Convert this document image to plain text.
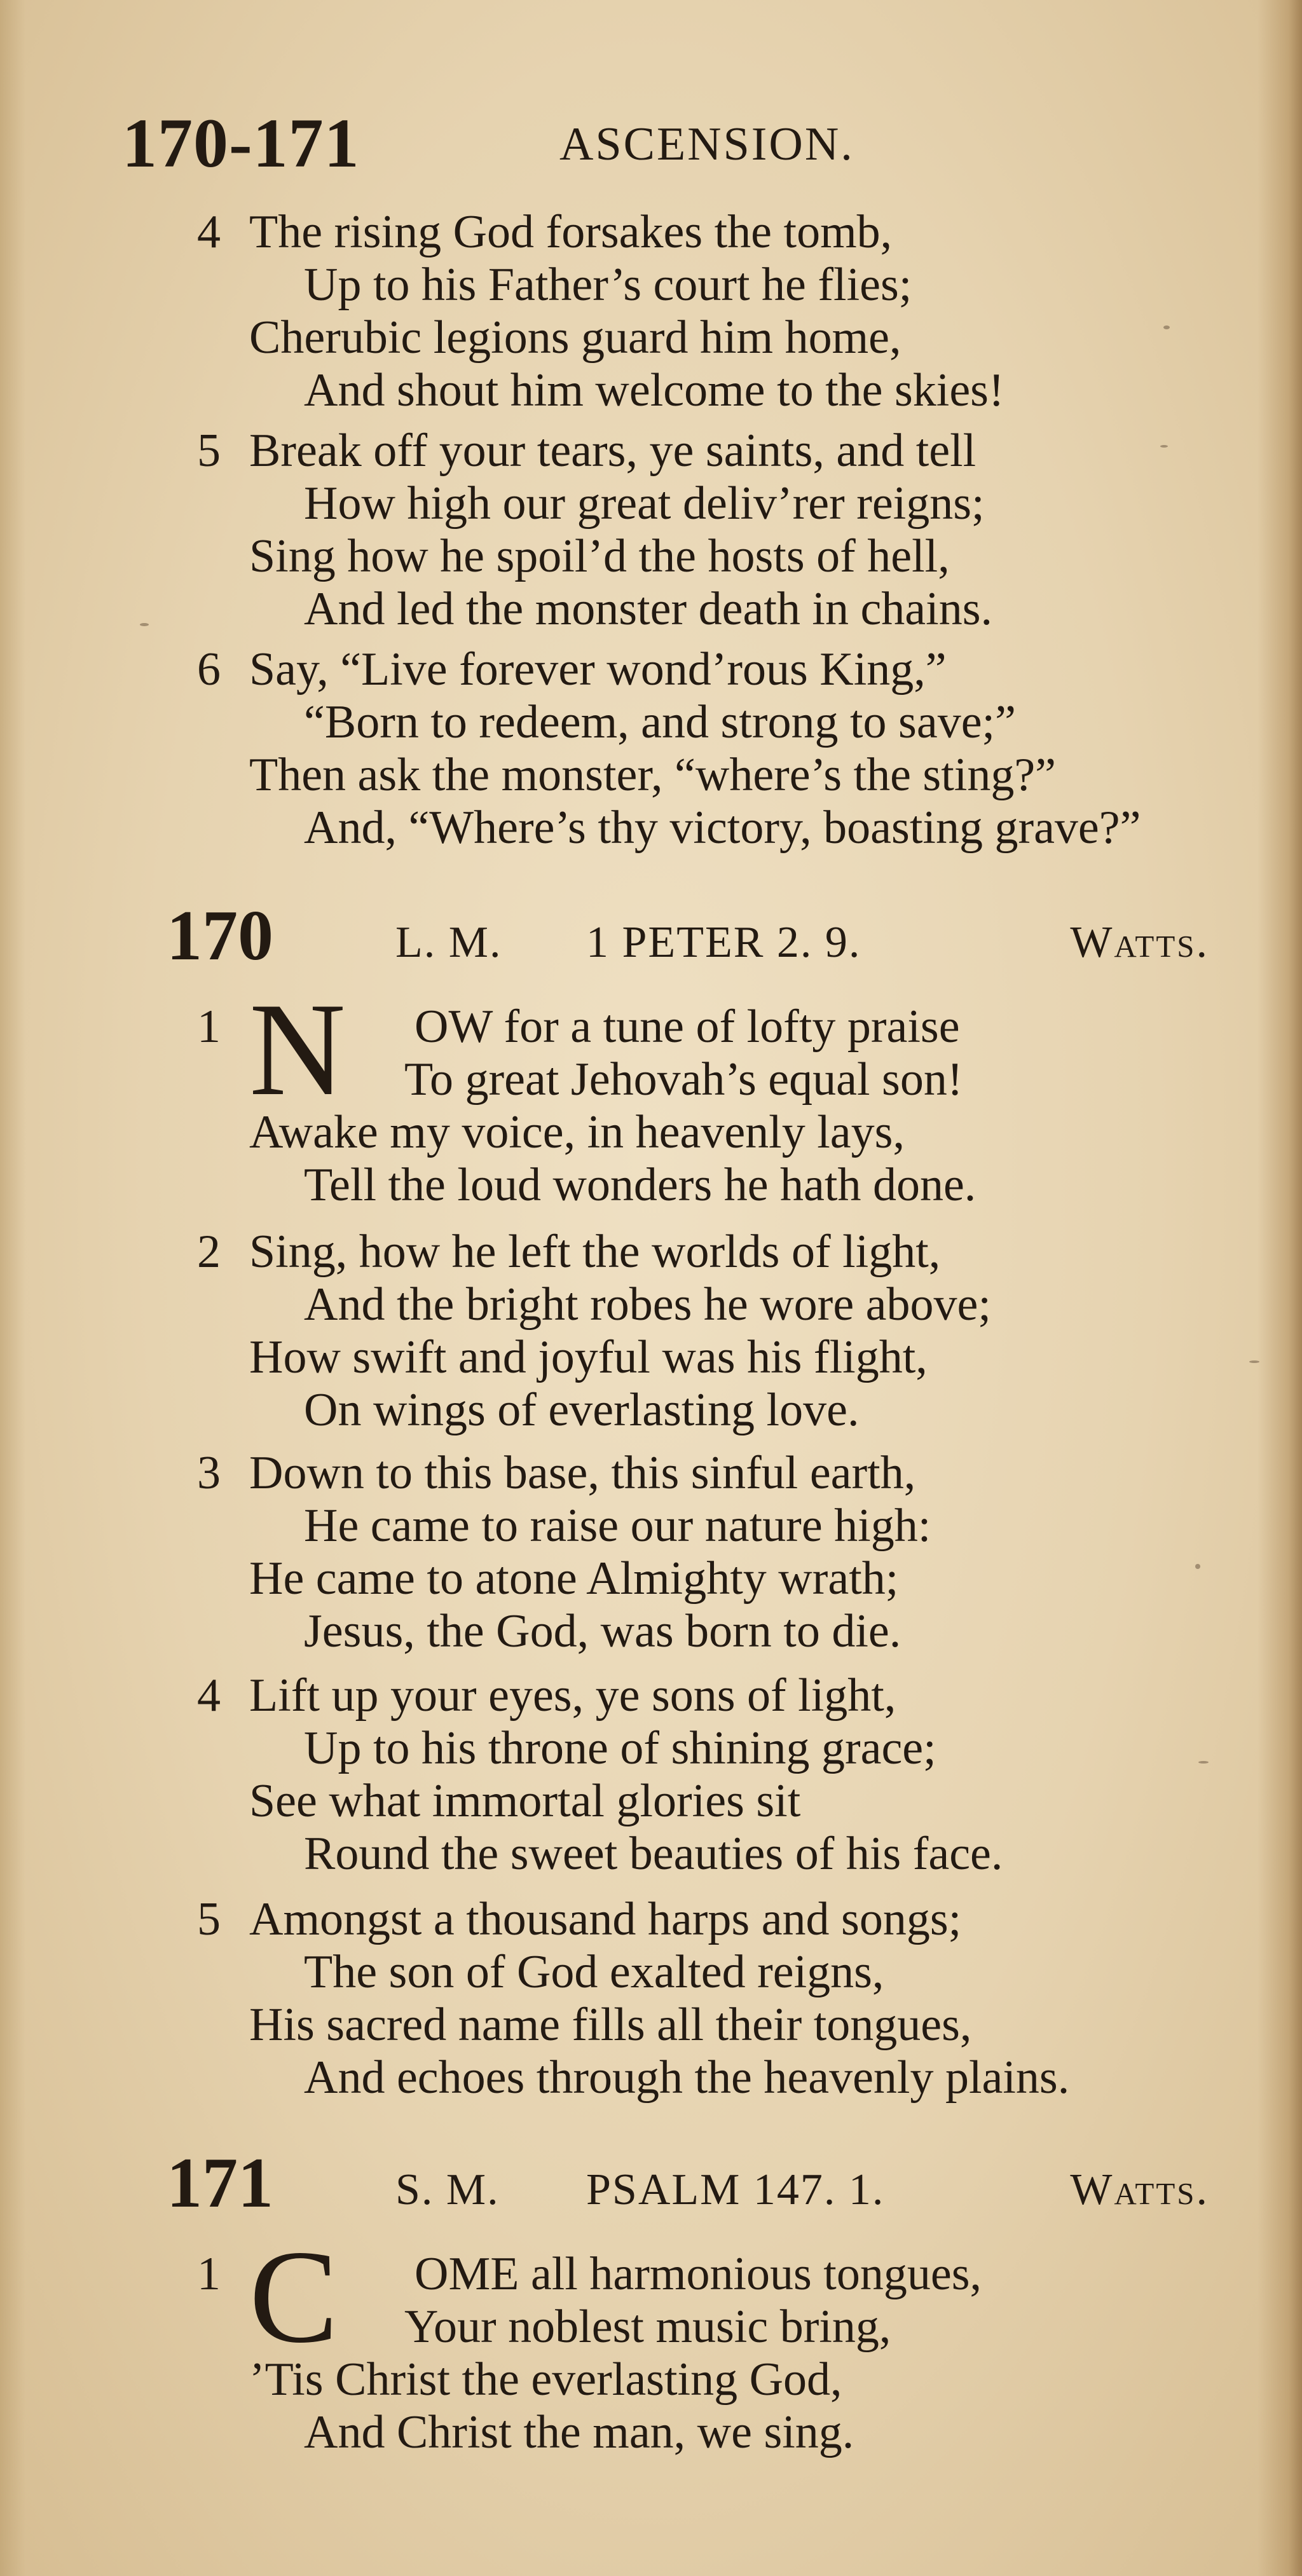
170-171	ASCENSION.
4 The rising God forsakes the tomb,
Up to his Father’s court he flies;
Cherubic legions guard him home,
And shout him welcome to the skies!
5 Break off your tears, ye saints, and tell
How high our great deliv’rer reigns;
Sing how he spoil’d the hosts of hell,
And led the monster death in chains.
6 Say, “Live forever wond’rous King,”
“Born to redeem, and strong to save;”
Then ask the monster, “where’s the sting?”
And, “Where’s thy victory, boasting grave?”
170	L. M. 1 PETER 2. 9.	Watts.
1 N OW for a tune of lofty praise
To great Jehovah’s equal son!
Awake my voice, in heavenly lays,
Tell the loud wonders he hath done.
2 Sing, how he left the worlds of light,
And the bright robes he wore above;
How swift and joyful was his flight,
On wings of everlasting love.
3 Down to this base, this sinful earth,
He came to raise our nature high:
He came to atone Almighty wrath;
Jesus, the God, was born to die.
4 Lift up your eyes, ye sons of light,
Up to his throne of shining grace;
See what immortal glories sit
Round the sweet beauties of his face.
5 Amongst a thousand harps and songs;
The son of God exalted reigns,
His sacred name fills all their tongues,
And echoes through the heavenly plains.
171	S. M. PSALM 147. 1.	Watts.
1 C OME all harmonious tongues,
Your noblest music bring,
’Tis Christ the everlasting God,
And Christ the man, we sing.
